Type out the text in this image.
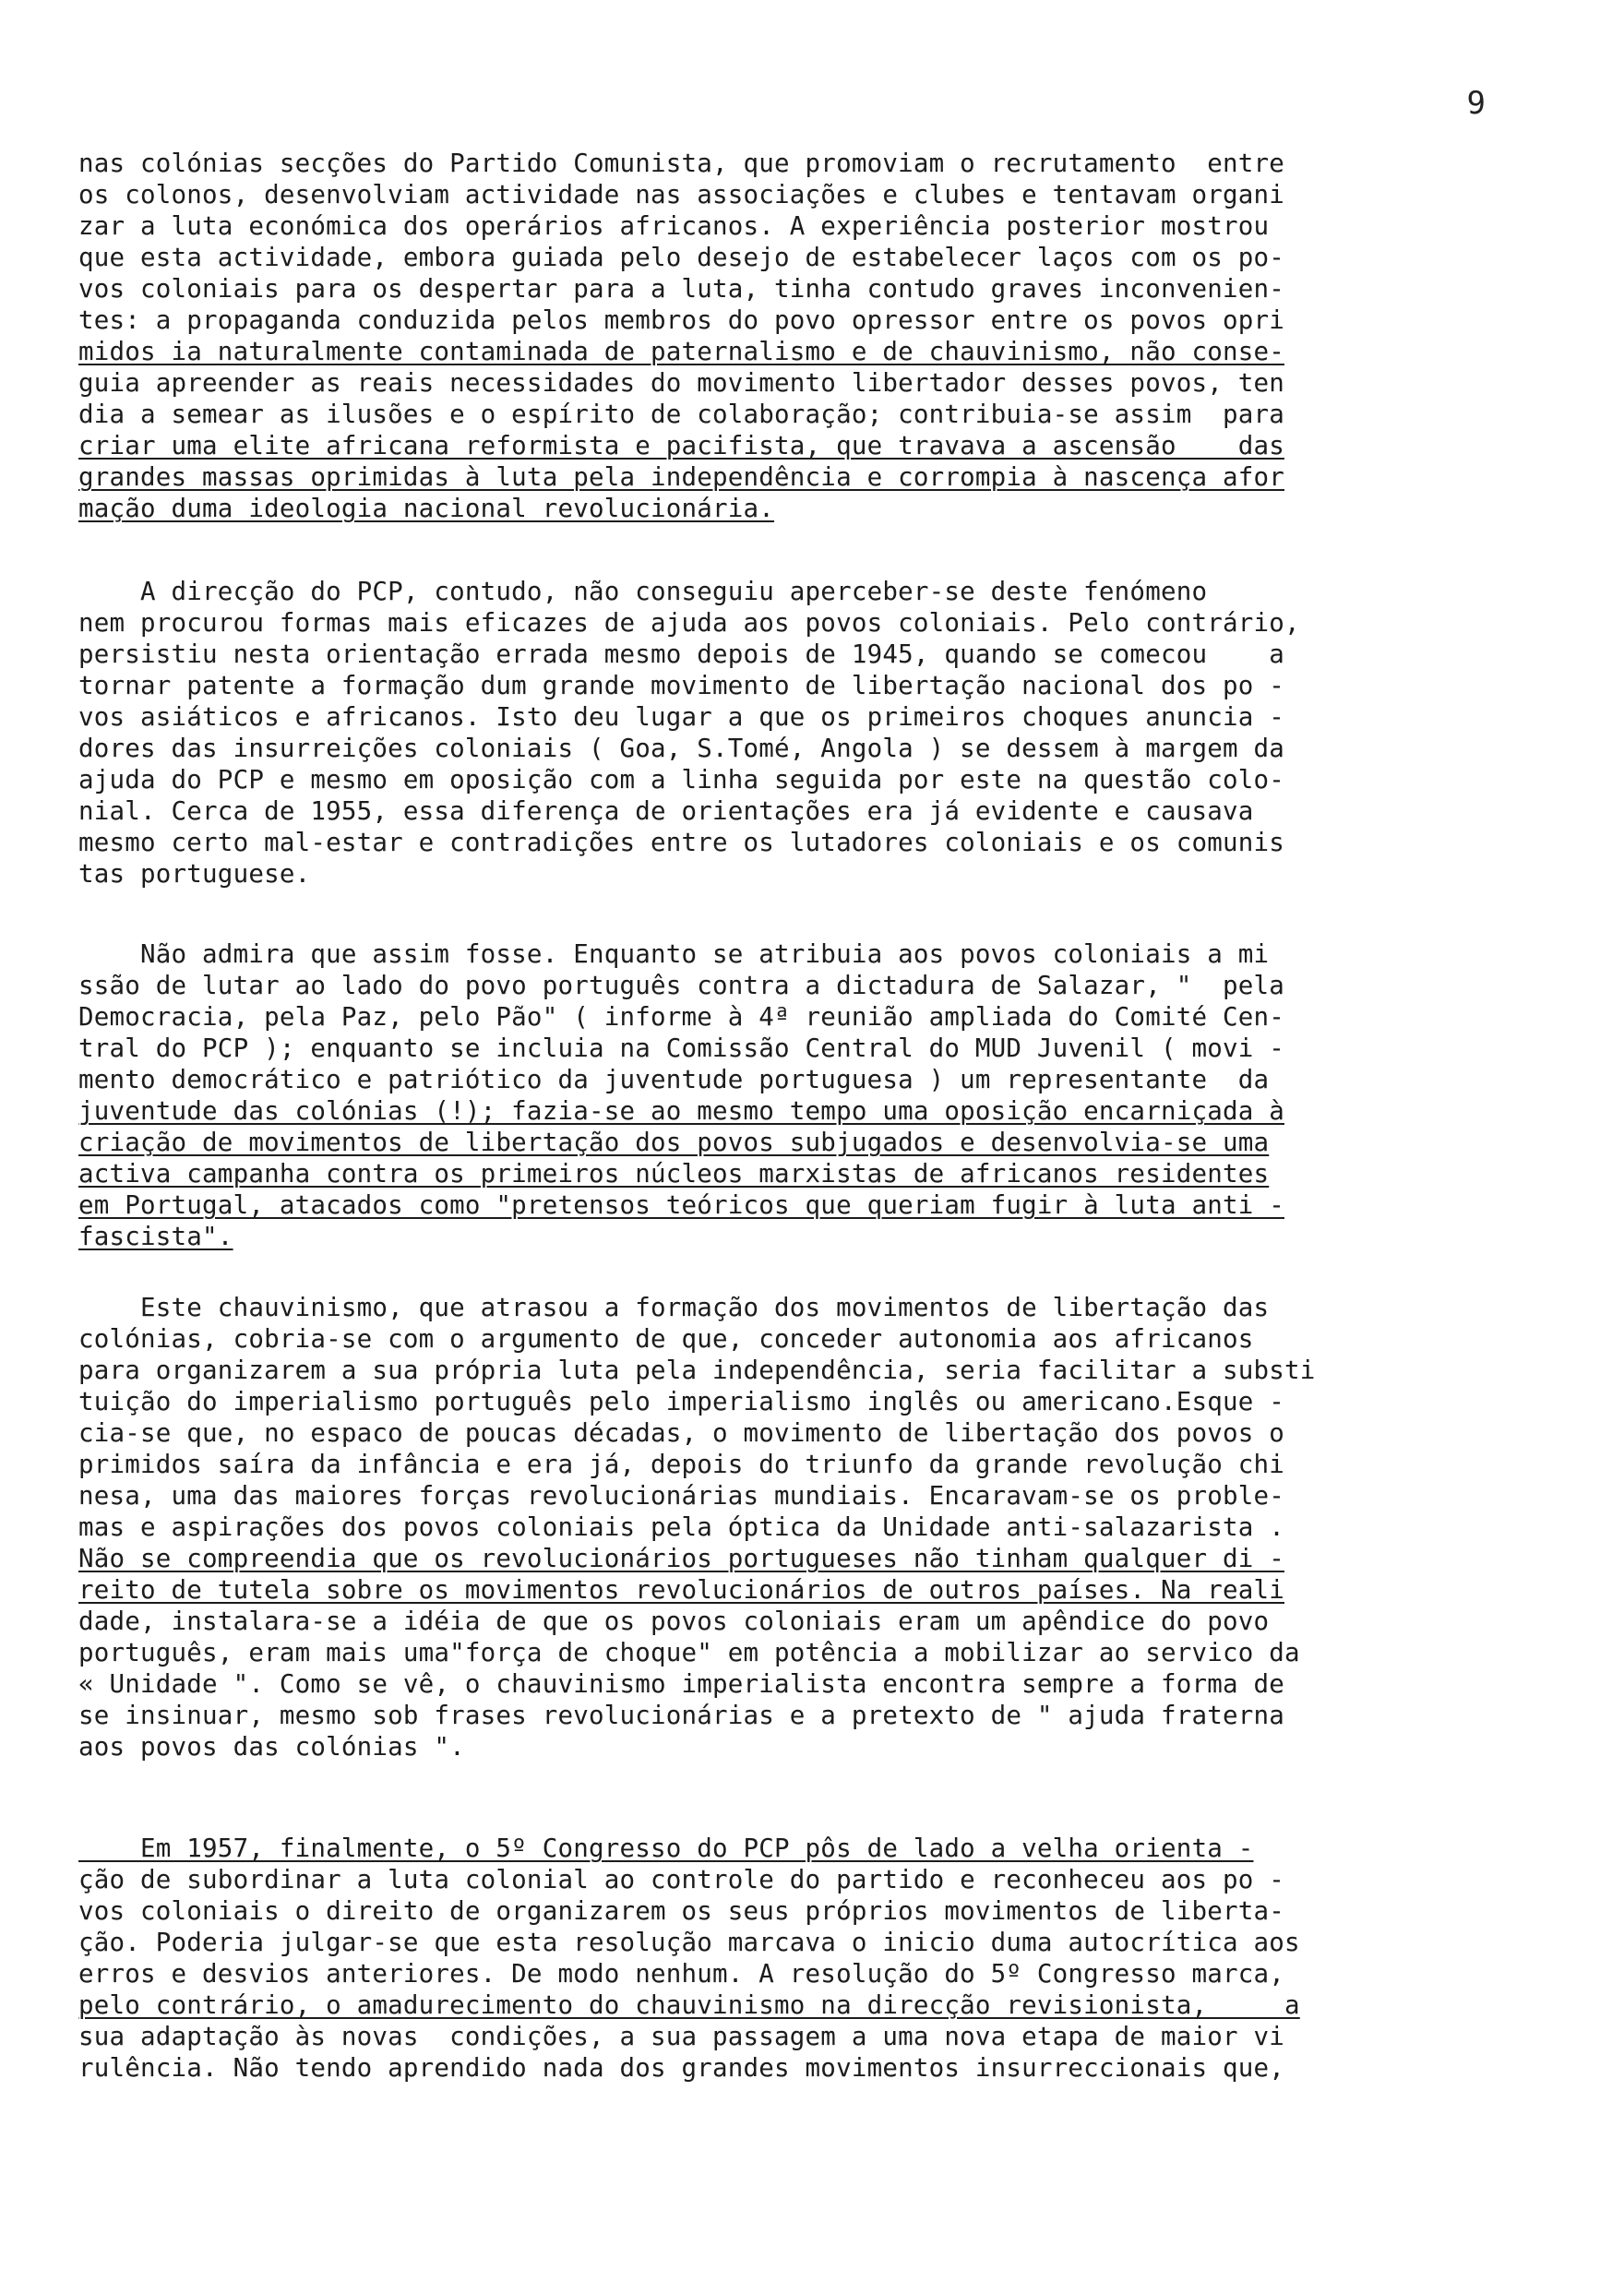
9
nas colónias secções do Partido Comunista, que promoviam o recrutamento  entre
os colonos, desenvolviam actividade nas associações e clubes e tentavam organi
zar a luta económica dos operários africanos. A experiência posterior mostrou
que esta actividade, embora guiada pelo desejo de estabelecer laços com os po-
vos coloniais para os despertar para a luta, tinha contudo graves inconvenien-
tes: a propaganda conduzida pelos membros do povo opressor entre os povos opri
midos ia naturalmente contaminada de paternalismo e de chauvinismo, não conse-
guia apreender as reais necessidades do movimento libertador desses povos, ten
dia a semear as ilusões e o espírito de colaboração; contribuia-se assim  para
criar uma elite africana reformista e pacifista, que travava a ascensão    das
grandes massas oprimidas à luta pela independência e corrompia à nascença afor
mação duma ideologia nacional revolucionária.
A direcção do PCP, contudo, não conseguiu aperceber-se deste fenómeno
nem procurou formas mais eficazes de ajuda aos povos coloniais. Pelo contrário,
persistiu nesta orientação errada mesmo depois de 1945, quando se comecou    a
tornar patente a formação dum grande movimento de libertação nacional dos po -
vos asiáticos e africanos. Isto deu lugar a que os primeiros choques anuncia -
dores das insurreições coloniais ( Goa, S.Tomé, Angola ) se dessem à margem da
ajuda do PCP e mesmo em oposição com a linha seguida por este na questão colo-
nial. Cerca de 1955, essa diferença de orientações era já evidente e causava
mesmo certo mal-estar e contradições entre os lutadores coloniais e os comunis
tas portuguese.
Não admira que assim fosse. Enquanto se atribuia aos povos coloniais a mi
ssão de lutar ao lado do povo português contra a dictadura de Salazar, "  pela
Democracia, pela Paz, pelo Pão" ( informe à 4ª reunião ampliada do Comité Cen-
tral do PCP ); enquanto se incluia na Comissão Central do MUD Juvenil ( movi -
mento democrático e patriótico da juventude portuguesa ) um representante  da
juventude das colónias (!); fazia-se ao mesmo tempo uma oposição encarniçada à
criação de movimentos de libertação dos povos subjugados e desenvolvia-se uma
activa campanha contra os primeiros núcleos marxistas de africanos residentes
em Portugal, atacados como "pretensos teóricos que queriam fugir à luta anti -
fascista".
Este chauvinismo, que atrasou a formação dos movimentos de libertação das
colónias, cobria-se com o argumento de que, conceder autonomia aos africanos
para organizarem a sua própria luta pela independência, seria facilitar a substi
tuição do imperialismo português pelo imperialismo inglês ou americano.Esque -
cia-se que, no espaco de poucas décadas, o movimento de libertação dos povos o
primidos saíra da infância e era já, depois do triunfo da grande revolução chi
nesa, uma das maiores forças revolucionárias mundiais. Encaravam-se os proble-
mas e aspirações dos povos coloniais pela óptica da Unidade anti-salazarista .
Não se compreendia que os revolucionários portugueses não tinham qualquer di -
reito de tutela sobre os movimentos revolucionários de outros países. Na reali
dade, instalara-se a idéia de que os povos coloniais eram um apêndice do povo
português, eram mais uma"força de choque" em potência a mobilizar ao servico da
« Unidade ". Como se vê, o chauvinismo imperialista encontra sempre a forma de
se insinuar, mesmo sob frases revolucionárias e a pretexto de " ajuda fraterna
aos povos das colónias ".
Em 1957, finalmente, o 5º Congresso do PCP pôs de lado a velha orienta -
ção de subordinar a luta colonial ao controle do partido e reconheceu aos po -
vos coloniais o direito de organizarem os seus próprios movimentos de liberta-
ção. Poderia julgar-se que esta resolução marcava o inicio duma autocrítica aos
erros e desvios anteriores. De modo nenhum. A resolução do 5º Congresso marca,
pelo contrário, o amadurecimento do chauvinismo na direcção revisionista,     a
sua adaptação às novas  condições, a sua passagem a uma nova etapa de maior vi
rulência. Não tendo aprendido nada dos grandes movimentos insurreccionais que,
